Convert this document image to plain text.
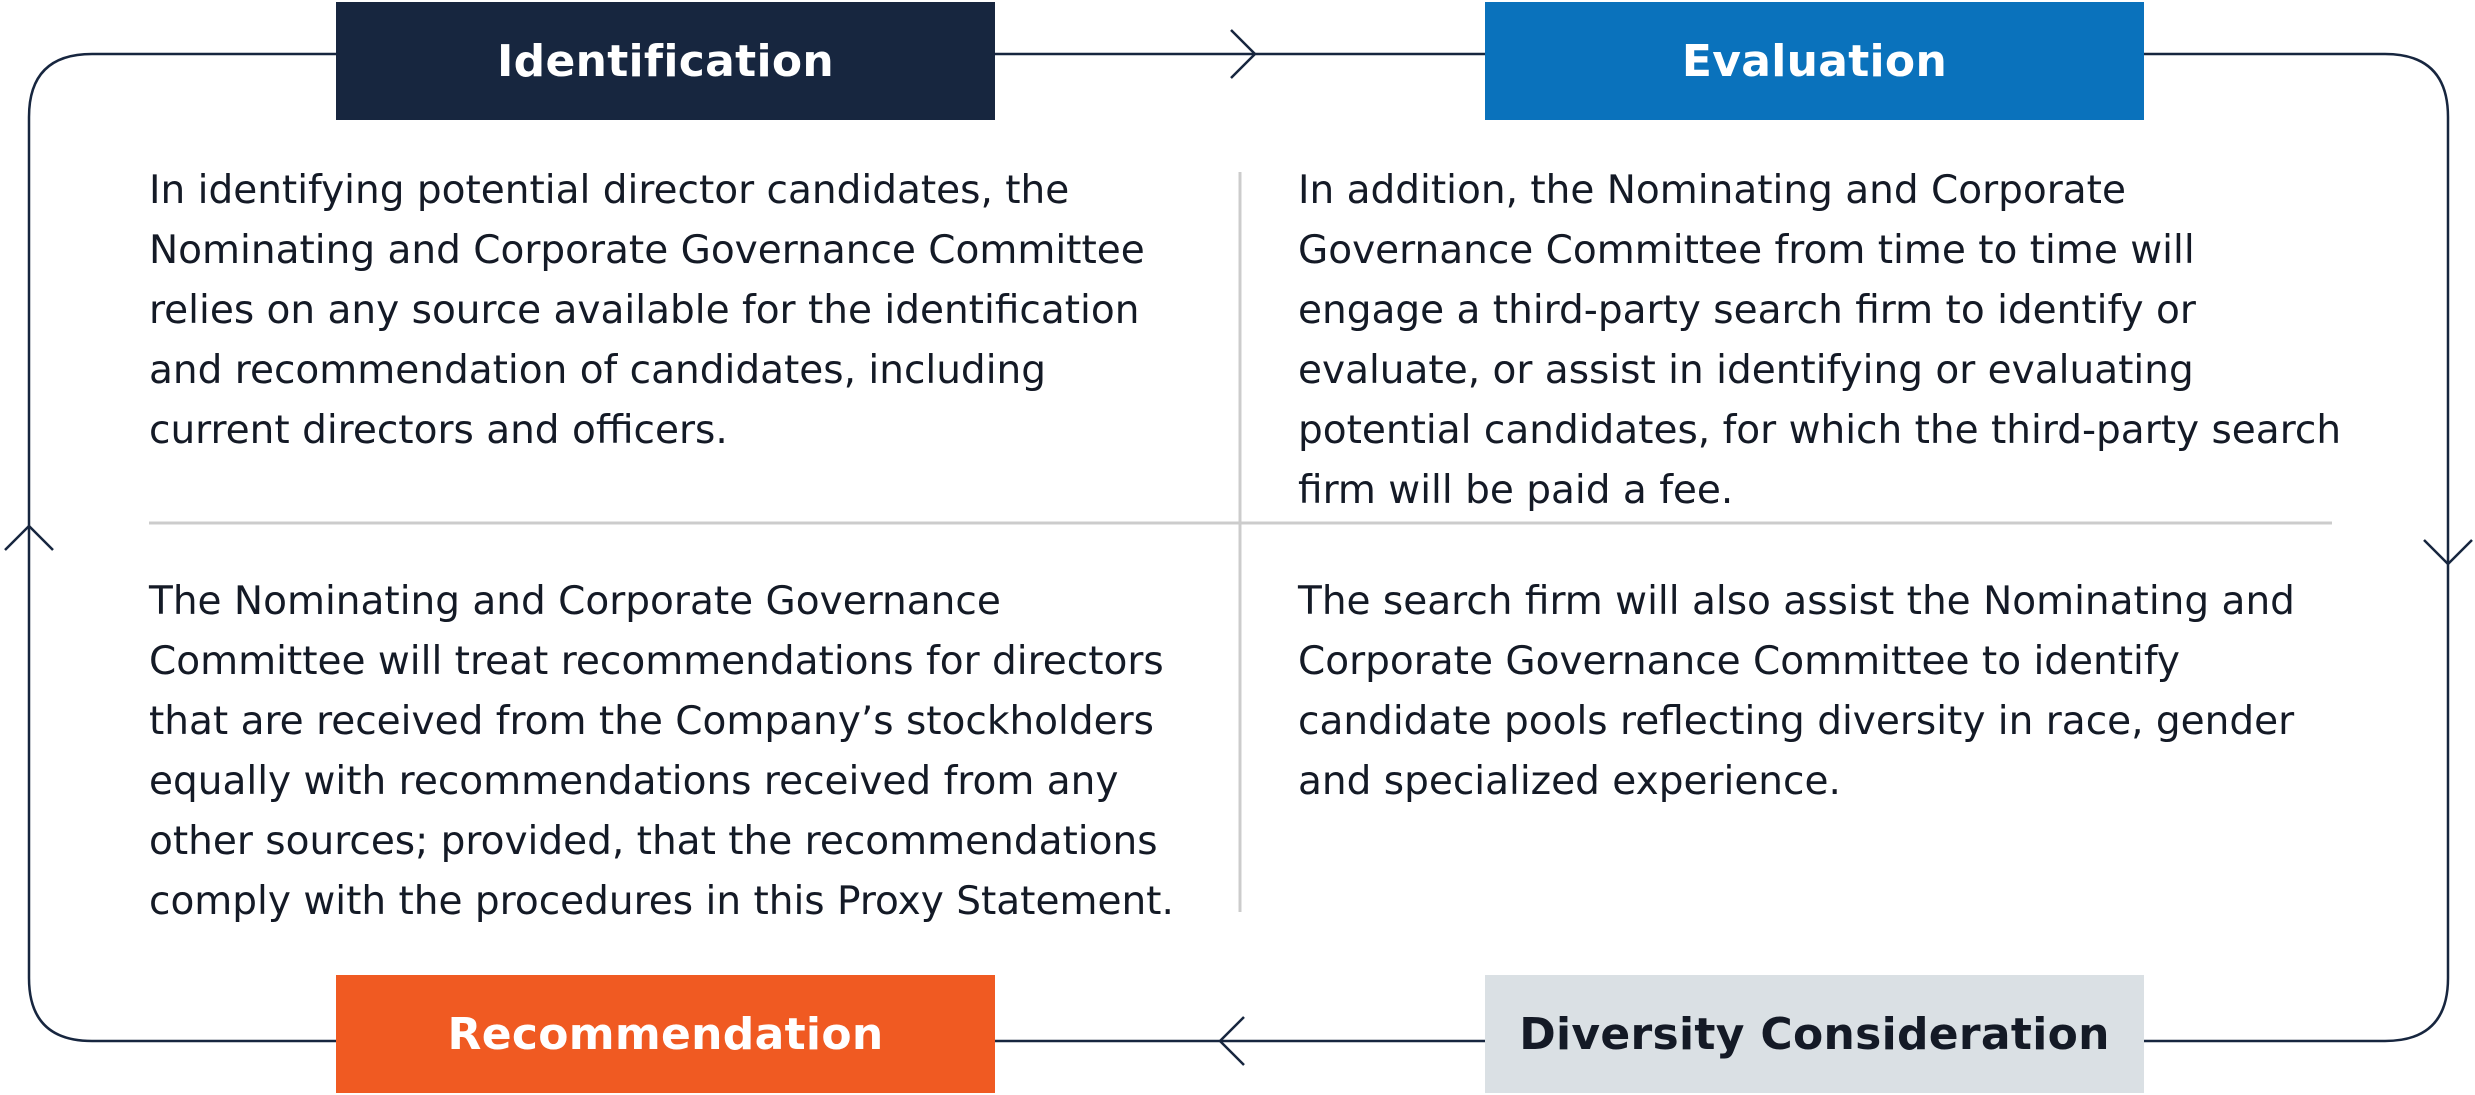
Identification	Evaluation
Recommendation	Diversity Consideration

In identifying potential director candidates, the Nominating and Corporate Governance Committee relies on any source available for the identification and recommendation of candidates, including current directors and officers.

In addition, the Nominating and Corporate Governance Committee from time to time will engage a third-party search firm to identify or evaluate, or assist in identifying or evaluating potential candidates, for which the third-party search firm will be paid a fee.

The Nominating and Corporate Governance Committee will treat recommendations for directors that are received from the Company’s stockholders equally with recommendations received from any other sources; provided, that the recommendations comply with the procedures in this Proxy Statement.

The search firm will also assist the Nominating and Corporate Governance Committee to identify candidate pools reflecting diversity in race, gender and specialized experience.
